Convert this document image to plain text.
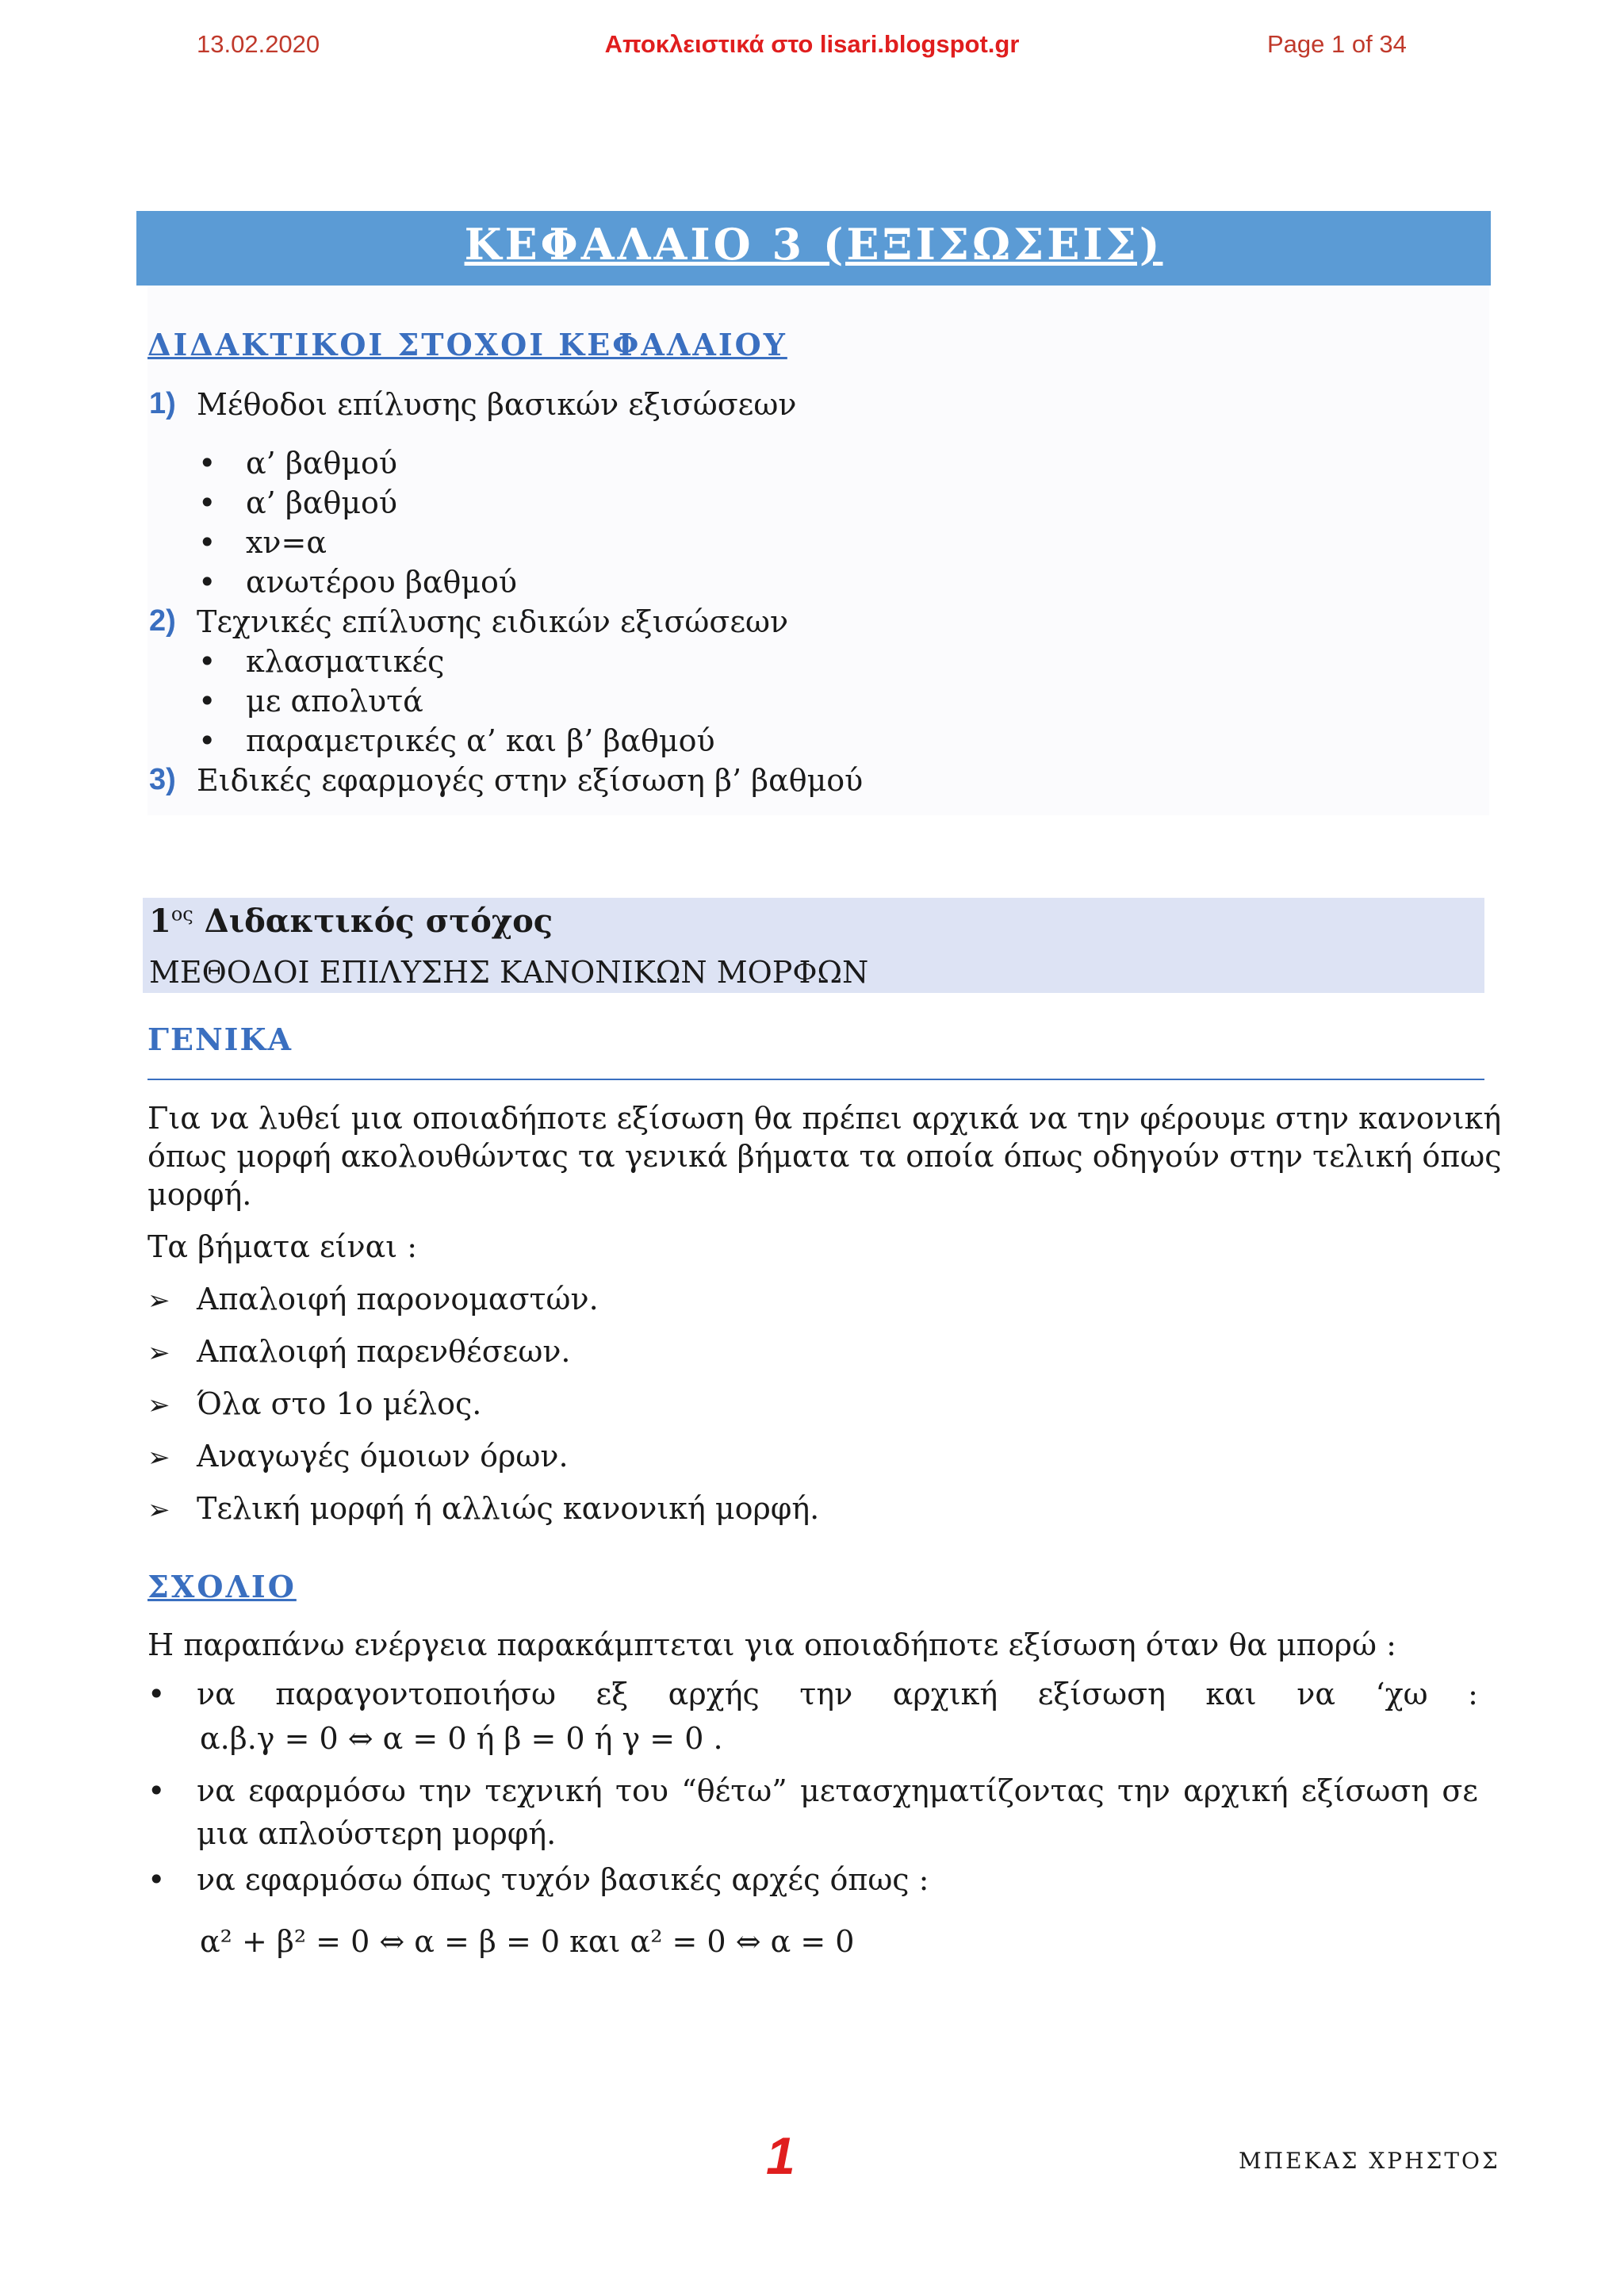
13.02.2020	Αποκλειστικά στο lisari.blogspot.gr	Page 1 of 34
ΚΕΦΑΛΑΙΟ 3 (ΕΞΙΣΩΣΕΙΣ)
ΔΙΔΑΚΤΙΚΟΙ ΣΤΟΧΟΙ ΚΕΦΑΛΑΙΟΥ
1) Μέθοδοι επίλυσης βασικών εξισώσεων
• α’ βαθμού
• α’ βαθμού
• xν=α
• ανωτέρου βαθμού
2) Τεχνικές επίλυσης ειδικών εξισώσεων
• κλασματικές
• με απολυτά
• παραμετρικές α’ και β’ βαθμού
3) Ειδικές εφαρμογές στην εξίσωση β’ βαθμού
$1^{o\varsigma}$ Διδακτικός στόχος
ΜΕΘΟΔΟΙ ΕΠΙΛΥΣΗΣ ΚΑΝΟΝΙΚΩΝ ΜΟΡΦΩΝ
ΓΕΝΙΚΑ
Για να λυθεί μια οποιαδήποτε εξίσωση θα πρέπει αρχικά να την φέρουμε στην κανονική
όπως μορφή ακολουθώντας τα γενικά βήματα τα οποία όπως οδηγούν στην τελική όπως
μορφή.
Τα βήματα είναι :
➢ Απαλοιφή παρονομαστών.
➢ Απαλοιφή παρενθέσεων.
➢ Όλα στο 1ο μέλος.
➢ Αναγωγές όμοιων όρων.
➢ Τελική μορφή ή αλλιώς κανονική μορφή.
ΣΧΟΛΙΟ
Η παραπάνω ενέργεια παρακάμπτεται για οποιαδήποτε εξίσωση όταν θα μπορώ :
• να παραγοντοποιήσω εξ αρχής την αρχική εξίσωση και να ‘χω :
α.β.γ = 0 ⇔ α = 0 ή β = 0 ή γ = 0 .
• να εφαρμόσω την τεχνική του “θέτω” μετασχηματίζοντας την αρχική εξίσωση σε
μια απλούστερη μορφή.
• να εφαρμόσω όπως τυχόν βασικές αρχές όπως :
α² + β² = 0 ⇔ α = β = 0 και α² = 0 ⇔ α = 0
1	ΜΠΕΚΑΣ ΧΡΗΣΤΟΣ
